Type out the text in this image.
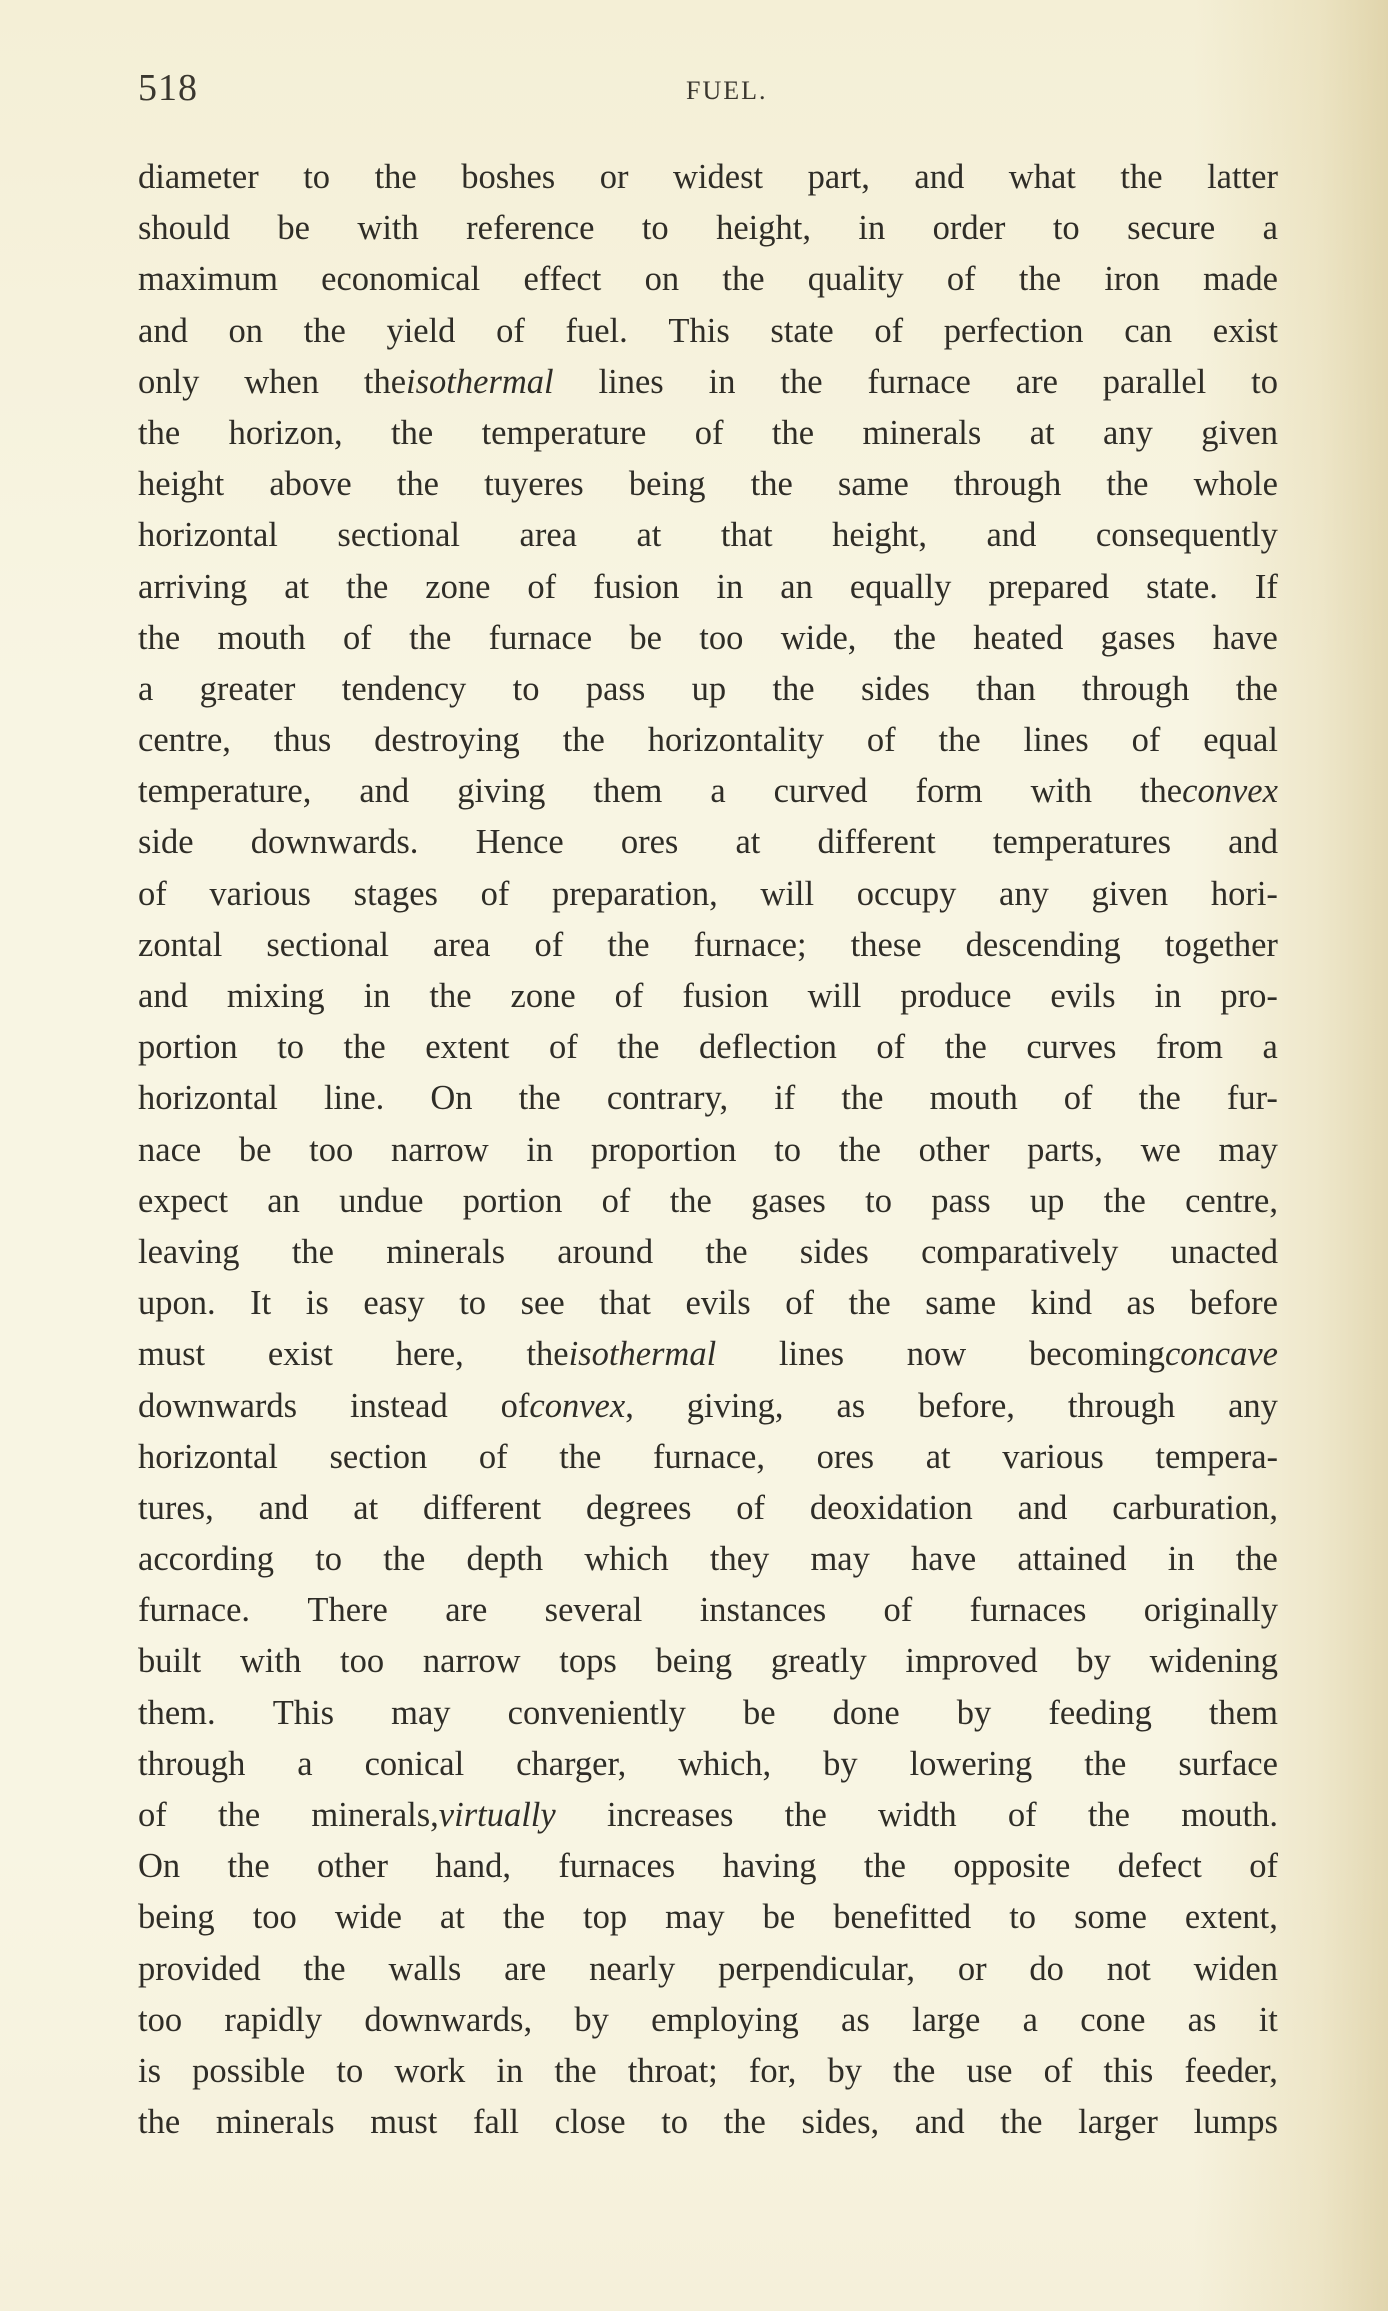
518	FUEL.
diameter to the boshes or widest part, and what the latter
should be with reference to height, in order to secure a
maximum economical effect on the quality of the iron made
and on the yield of fuel. This state of perfection can exist
only when theisothermal lines in the furnace are parallel to
the horizon, the temperature of the minerals at any given
height above the tuyeres being the same through the whole
horizontal sectional area at that height, and consequently
arriving at the zone of fusion in an equally prepared state. If
the mouth of the furnace be too wide, the heated gases have
a greater tendency to pass up the sides than through the
centre, thus destroying the horizontality of the lines of equal
temperature, and giving them a curved form with theconvex
side downwards. Hence ores at different temperatures and
of various stages of preparation, will occupy any given hori-
zontal sectional area of the furnace; these descending together
and mixing in the zone of fusion will produce evils in pro-
portion to the extent of the deflection of the curves from a
horizontal line. On the contrary, if the mouth of the fur-
nace be too narrow in proportion to the other parts, we may
expect an undue portion of the gases to pass up the centre,
leaving the minerals around the sides comparatively unacted
upon. It is easy to see that evils of the same kind as before
must exist here, theisothermal lines now becomingconcave
downwards instead ofconvex, giving, as before, through any
horizontal section of the furnace, ores at various tempera-
tures, and at different degrees of deoxidation and carburation,
according to the depth which they may have attained in the
furnace. There are several instances of furnaces originally
built with too narrow tops being greatly improved by widening
them. This may conveniently be done by feeding them
through a conical charger, which, by lowering the surface
of the minerals,virtually increases the width of the mouth.
On the other hand, furnaces having the opposite defect of
being too wide at the top may be benefitted to some extent,
provided the walls are nearly perpendicular, or do not widen
too rapidly downwards, by employing as large a cone as it
is possible to work in the throat; for, by the use of this feeder,
the minerals must fall close to the sides, and the larger lumps
